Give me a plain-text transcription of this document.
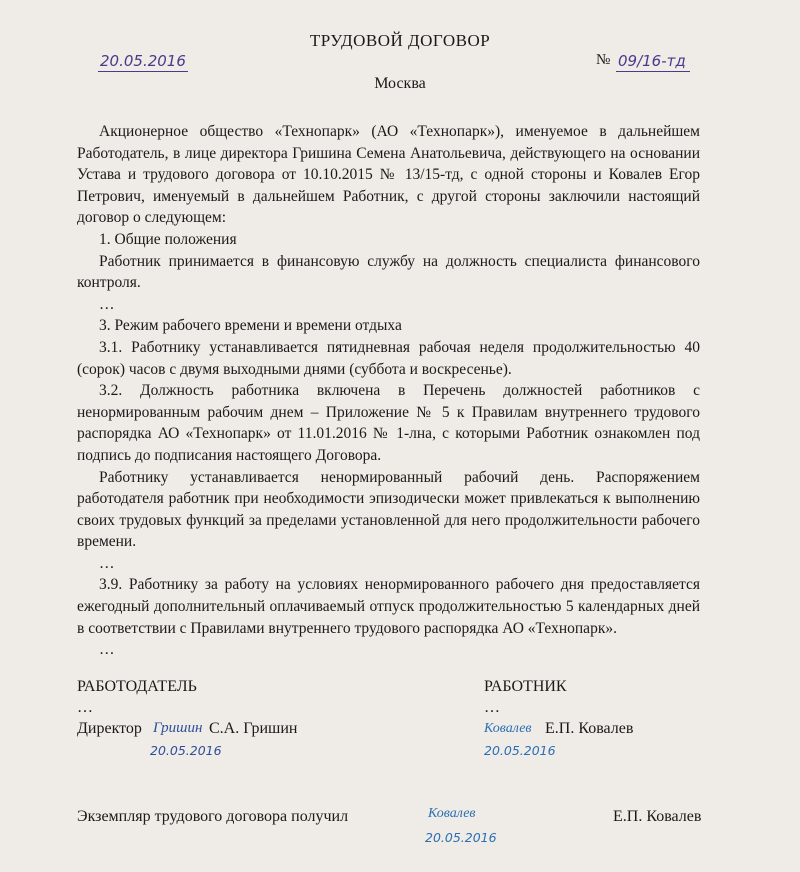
ТРУДОВОЙ ДОГОВОР
20.05.2016	№ 09/16-тд
Москва

Акционерное общество «Технопарк» (АО «Технопарк»), именуемое в дальнейшем Работодатель, в лице директора Гришина Семена Анатольевича, действующего на основании Устава и трудового договора от 10.10.2015 № 13/15-тд, с одной стороны и Ковалев Егор Петрович, именуемый в дальнейшем Работник, с другой стороны заключили настоящий договор о следующем:

1. Общие положения

Работник принимается в финансовую службу на должность специалиста финансового контроля.

…

3. Режим рабочего времени и времени отдыха

3.1. Работнику устанавливается пятидневная рабочая неделя продолжительностью 40 (сорок) часов с двумя выходными днями (суббота и воскресенье).

3.2. Должность работника включена в Перечень должностей работников с ненормированным рабочим днем – Приложение № 5 к Правилам внутреннего трудового распорядка АО «Технопарк» от 11.01.2016 № 1-лна, с которыми Работник ознакомлен под подпись до подписания настоящего Договора.

Работнику устанавливается ненормированный рабочий день. Распоряжением работодателя работник при необходимости эпизодически может привлекаться к выполнению своих трудовых функций за пределами установленной для него продолжительности рабочего времени.

…

3.9. Работнику за работу на условиях ненормированного рабочего дня предоставляется ежегодный дополнительный оплачиваемый отпуск продолжительностью 5 календарных дней в соответствии с Правилами внутреннего трудового распорядка АО «Технопарк».

…

РАБОТОДАТЕЛЬ
…
Директор Гришин С.А. Гришин
20.05.2016
РАБОТНИК
…
Ковалев Е.П. Ковалев
20.05.2016
Экземпляр трудового договора получил	Ковалев
20.05.2016
Е.П. Ковалев
